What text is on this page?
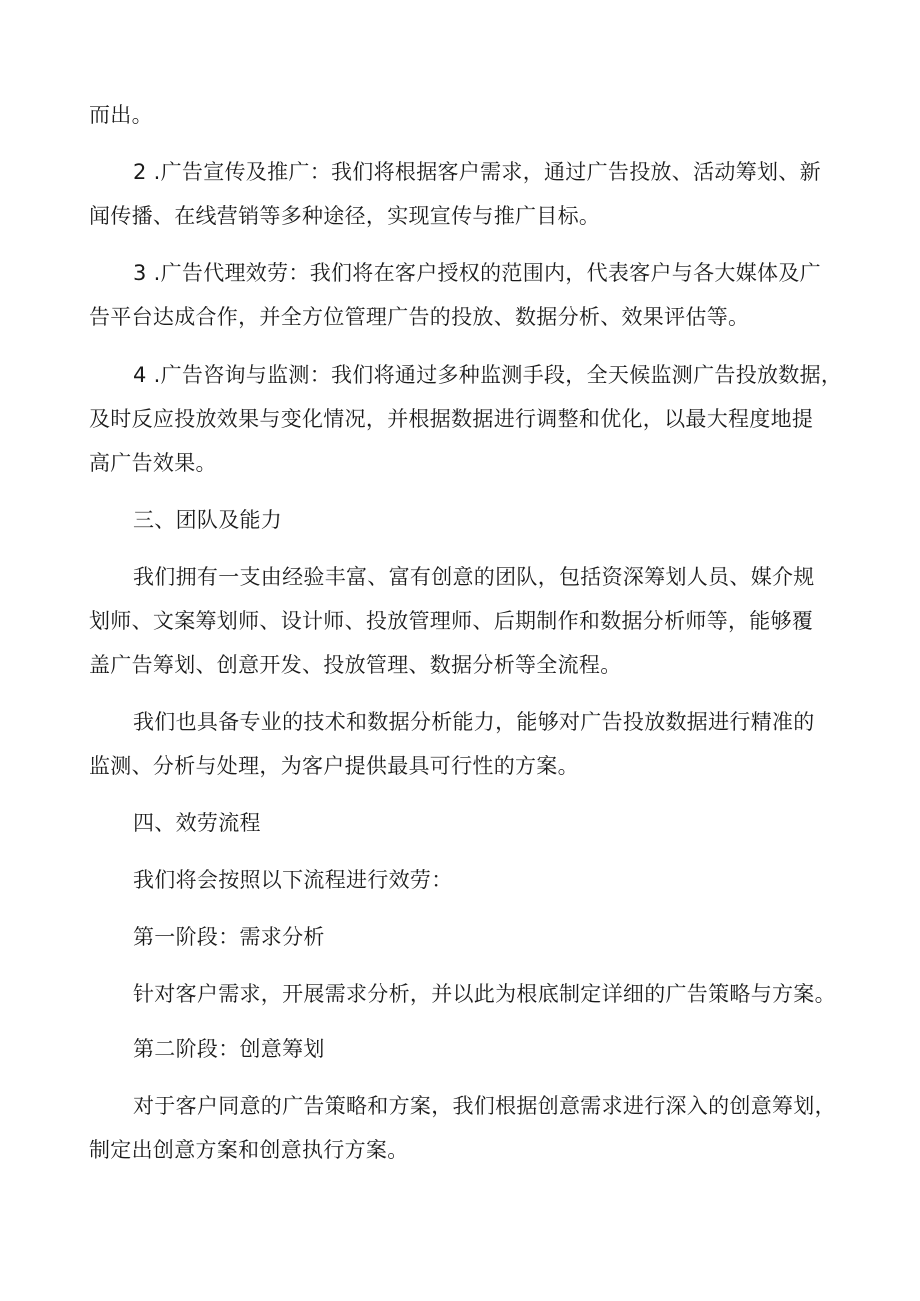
而出。
2 .广告宣传及推广：我们将根据客户需求，通过广告投放、活动筹划、新
闻传播、在线营销等多种途径，实现宣传与推广目标。
3 .广告代理效劳：我们将在客户授权的范围内，代表客户与各大媒体及广
告平台达成合作，并全方位管理广告的投放、数据分析、效果评估等。
4 .广告咨询与监测：我们将通过多种监测手段，全天候监测广告投放数据，
及时反应投放效果与变化情况，并根据数据进行调整和优化，以最大程度地提
高广告效果。
三、团队及能力
我们拥有一支由经验丰富、富有创意的团队，包括资深筹划人员、媒介规
划师、文案筹划师、设计师、投放管理师、后期制作和数据分析师等，能够覆
盖广告筹划、创意开发、投放管理、数据分析等全流程。
我们也具备专业的技术和数据分析能力，能够对广告投放数据进行精准的
监测、分析与处理，为客户提供最具可行性的方案。
四、效劳流程
我们将会按照以下流程进行效劳：
第一阶段：需求分析
针对客户需求，开展需求分析，并以此为根底制定详细的广告策略与方案。
第二阶段：创意筹划
对于客户同意的广告策略和方案，我们根据创意需求进行深入的创意筹划，
制定出创意方案和创意执行方案。
